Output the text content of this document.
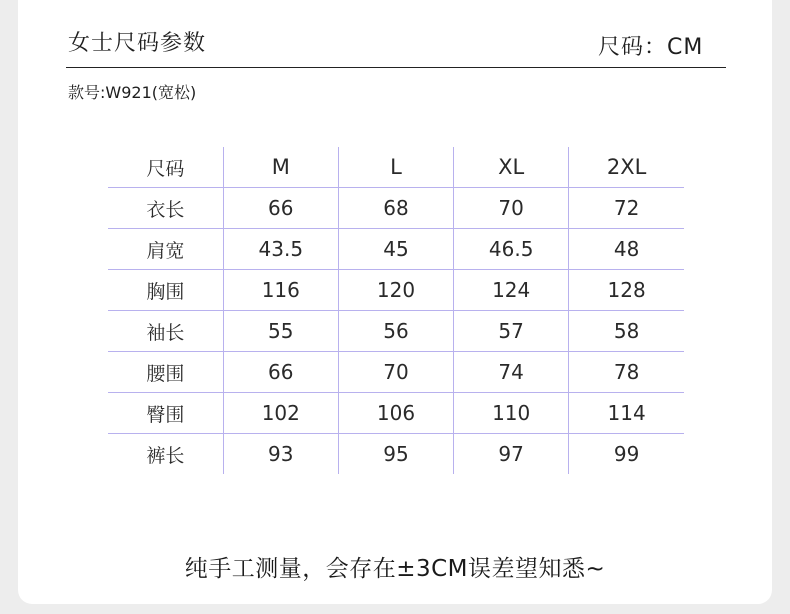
女士尺码参数	尺码：CM
款号:W921(宽松)
尺码	M	L	XL	2XL
衣长	66	68	70	72
肩宽	43.5	45	46.5	48
胸围	116	120	124	128
袖长	55	56	57	58
腰围	66	70	74	78
臀围	102	106	110	114
裤长	93	95	97	99
纯手工测量，会存在±3CM误差望知悉~
